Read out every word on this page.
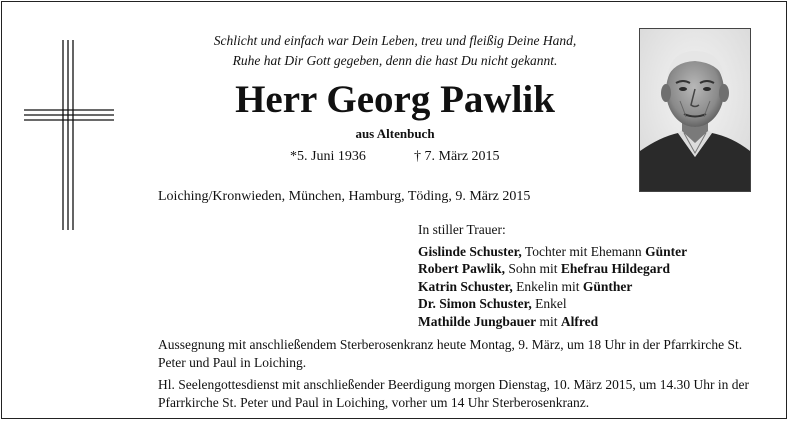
Schlicht und einfach war Dein Leben, treu und fleißig Deine Hand,
Ruhe hat Dir Gott gegeben, denn die hast Du nicht gekannt.
Herr Georg Pawlik
aus Altenbuch
*5. Juni 1936	† 7. März 2015
Loiching/Kronwieden, München, Hamburg, Töding, 9. März 2015
In stiller Trauer:
Gislinde Schuster, Tochter mit Ehemann Günter
Robert Pawlik, Sohn mit Ehefrau Hildegard
Katrin Schuster, Enkelin mit Günther
Dr. Simon Schuster, Enkel
Mathilde Jungbauer mit Alfred

Aussegnung mit anschließendem Sterberosenkranz heute Montag, 9. März, um 18 Uhr in der Pfarrkirche St. Peter und Paul in Loiching.

Hl. Seelengottesdienst mit anschließender Beerdigung morgen Dienstag, 10. März 2015, um 14.30 Uhr in der Pfarrkirche St. Peter und Paul in Loiching, vorher um 14 Uhr Sterberosenkranz.
